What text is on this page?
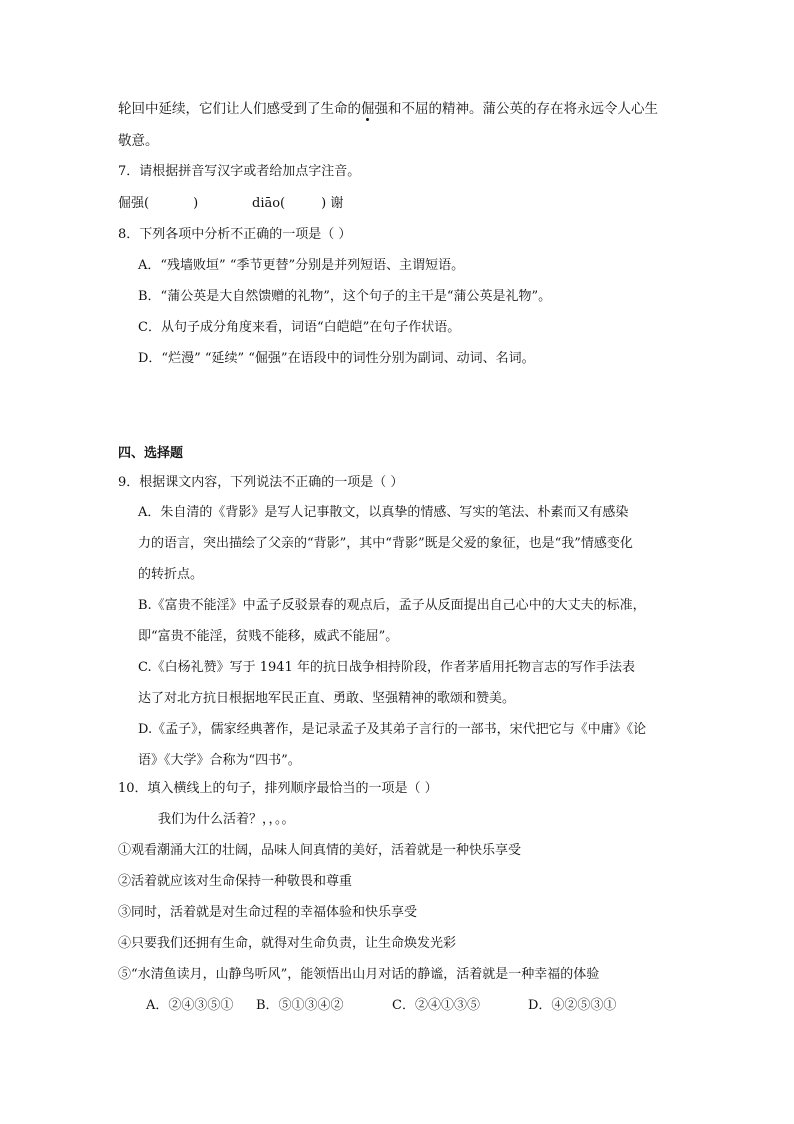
轮回中延续，它们让人们感受到了生命的倔强和不屈的精神。蒲公英的存在将永远令人心生
敬意。
7．请根据拼音写汉字或者给加点字注音。
倔强(	)	diāo(	) 谢
8．下列各项中分析不正确的一项是（ ）
A．“残墙败垣” “季节更替”分别是并列短语、主谓短语。
B．“蒲公英是大自然馈赠的礼物”，这个句子的主干是“蒲公英是礼物”。
C．从句子成分角度来看，词语“白皑皑”在句子作状语。
D．“烂漫” “延续” “倔强”在语段中的词性分别为副词、动词、名词。
四、选择题
9．根据课文内容，下列说法不正确的一项是（ ）
A．朱自清的《背影》是写人记事散文，以真挚的情感、写实的笔法、朴素而又有感染
力的语言，突出描绘了父亲的“背影”，其中“背影”既是父爱的象征，也是“我”情感变化
的转折点。
B.《富贵不能淫》中孟子反驳景春的观点后，孟子从反面提出自己心中的大丈夫的标准，
即“富贵不能淫，贫贱不能移，威武不能屈”。
C.《白杨礼赞》写于 1941 年的抗日战争相持阶段，作者茅盾用托物言志的写作手法表
达了对北方抗日根据地军民正直、勇敢、坚强精神的歌颂和赞美。
D.《孟子》，儒家经典著作，是记录孟子及其弟子言行的一部书，宋代把它与《中庸》《论
语》《大学》合称为“四书”。
10．填入横线上的句子，排列顺序最恰当的一项是（ ）
我们为什么活着？，，。。
①观看潮涌大江的壮阔，品味人间真情的美好，活着就是一种快乐享受
②活着就应该对生命保持一种敬畏和尊重
③同时，活着就是对生命过程的幸福体验和快乐享受
④只要我们还拥有生命，就得对生命负责，让生命焕发光彩
⑤“水清鱼读月，山静鸟听风”，能领悟出山月对话的静谧，活着就是一种幸福的体验
A．②④③⑤① B．⑤①③④②	C．②④①③⑤	D．④②⑤③①
